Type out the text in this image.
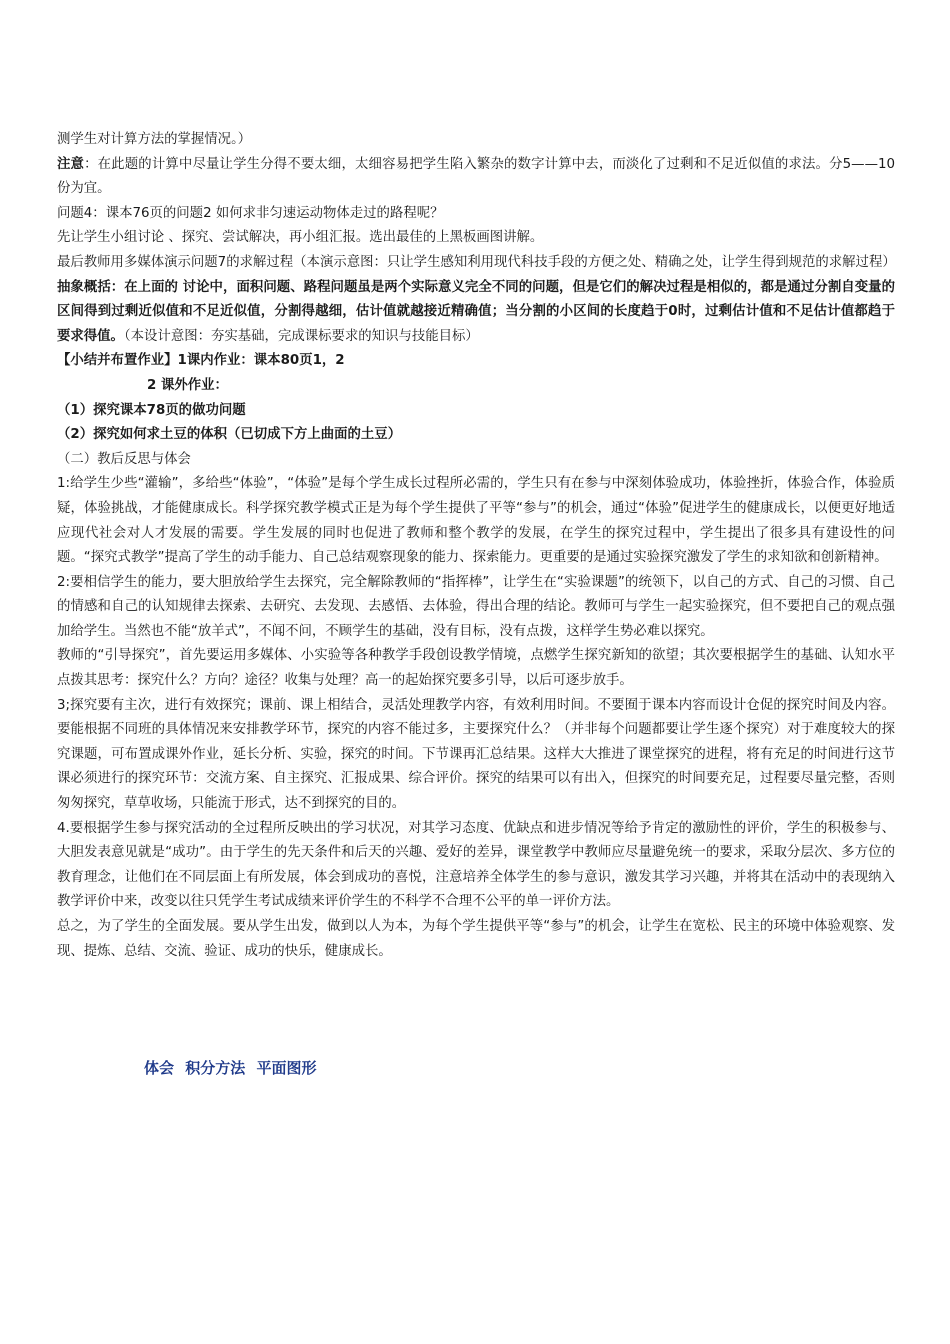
测学生对计算方法的掌握情况。）

注意：在此题的计算中尽量让学生分得不要太细，太细容易把学生陷入繁杂的数字计算中去，而淡化了过剩和不足近似值的求法。分5——10份为宜。

问题4：课本76页的问题2 如何求非匀速运动物体走过的路程呢？

先让学生小组讨论 、探究、尝试解决，再小组汇报。选出最佳的上黑板画图讲解。

最后教师用多媒体演示问题7的求解过程（本演示意图：只让学生感知利用现代科技手段的方便之处、精确之处，让学生得到规范的求解过程）

抽象概括：在上面的 讨论中，面积问题、路程问题虽是两个实际意义完全不同的问题，但是它们的解决过程是相似的，都是通过分割自变量的区间得到过剩近似值和不足近似值，分割得越细，估计值就越接近精确值；当分割的小区间的长度趋于0时，过剩估计值和不足估计值都趋于要求得值。（本设计意图：夯实基础，完成课标要求的知识与技能目标）

【小结并布置作业】1课内作业：课本80页1，2

2 课外作业：

（1）探究课本78页的做功问题

（2）探究如何求土豆的体积（已切成下方上曲面的土豆）

（二）教后反思与体会

1:给学生少些“灌输”，多给些“体验”，“体验”是每个学生成长过程所必需的，学生只有在参与中深刻体验成功，体验挫折，体验合作，体验质疑，体验挑战，才能健康成长。科学探究教学模式正是为每个学生提供了平等“参与”的机会，通过“体验”促进学生的健康成长，以便更好地适应现代社会对人才发展的需要。学生发展的同时也促进了教师和整个教学的发展，在学生的探究过程中，学生提出了很多具有建设性的问题。“探究式教学”提高了学生的动手能力、自己总结观察现象的能力、探索能力。更重要的是通过实验探究激发了学生的求知欲和创新精神。

2:要相信学生的能力，要大胆放给学生去探究，完全解除教师的“指挥棒”，让学生在“实验课题”的统领下，以自己的方式、自己的习惯、自己的情感和自己的认知规律去探索、去研究、去发现、去感悟、去体验，得出合理的结论。教师可与学生一起实验探究，但不要把自己的观点强加给学生。当然也不能“放羊式”，不闻不问，不顾学生的基础，没有目标，没有点拨，这样学生势必难以探究。

教师的“引导探究”，首先要运用多媒体、小实验等各种教学手段创设教学情境，点燃学生探究新知的欲望；其次要根据学生的基础、认知水平点拨其思考：探究什么？方向？途径？收集与处理？高一的起始探究要多引导，以后可逐步放手。

3;探究要有主次，进行有效探究；课前、课上相结合，灵活处理教学内容，有效利用时间。不要囿于课本内容而设计仓促的探究时间及内容。要能根据不同班的具体情况来安排教学环节，探究的内容不能过多，主要探究什么？（并非每个问题都要让学生逐个探究）对于难度较大的探究课题，可布置成课外作业，延长分析、实验，探究的时间。下节课再汇总结果。这样大大推进了课堂探究的进程，将有充足的时间进行这节课必须进行的探究环节：交流方案、自主探究、汇报成果、综合评价。探究的结果可以有出入，但探究的时间要充足，过程要尽量完整，否则匆匆探究，草草收场，只能流于形式，达不到探究的目的。

4.要根据学生参与探究活动的全过程所反映出的学习状况，对其学习态度、优缺点和进步情况等给予肯定的激励性的评价，学生的积极参与、大胆发表意见就是“成功”。由于学生的先天条件和后天的兴趣、爱好的差异，课堂教学中教师应尽量避免统一的要求，采取分层次、多方位的教育理念，让他们在不同层面上有所发展，体会到成功的喜悦，注意培养全体学生的参与意识，激发其学习兴趣，并将其在活动中的表现纳入教学评价中来，改变以往只凭学生考试成绩来评价学生的不科学不合理不公平的单一评价方法。

总之，为了学生的全面发展。要从学生出发，做到以人为本，为每个学生提供平等“参与”的机会，让学生在宽松、民主的环境中体验观察、发现、提炼、总结、交流、验证、成功的快乐，健康成长。

体会 积分方法 平面图形
